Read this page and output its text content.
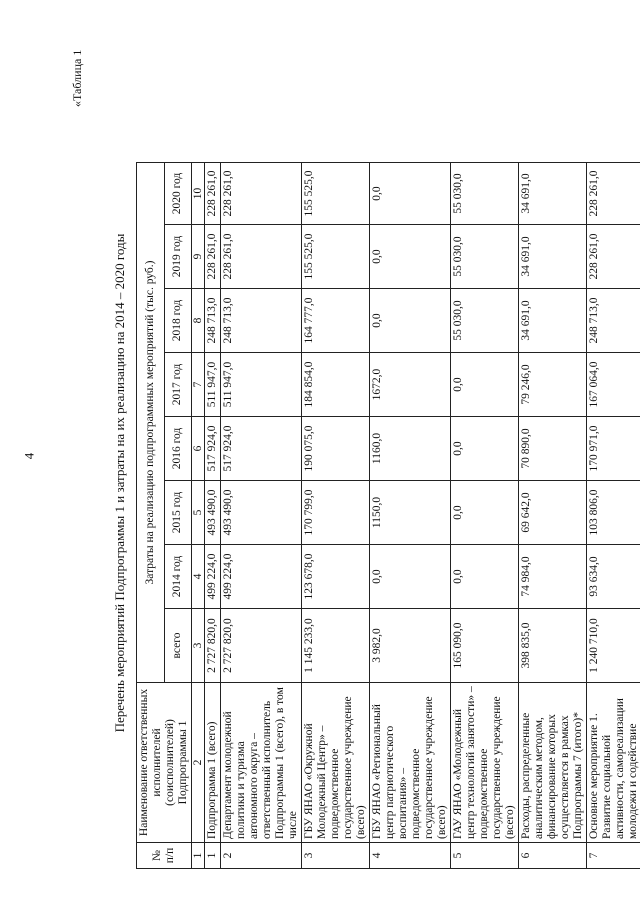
4
«Таблица 1
Перечень мероприятий Подпрограммы 1 и затраты на их реализацию на 2014 – 2020 годы
№ п/п	Наименование ответственных исполнителей (соисполнителей) Подпрограммы 1	Затраты на реализацию подпрограммных мероприятий (тыс. руб.)							
		всего	2014 год	2015 год	2016 год	2017 год	2018 год	2019 год	2020 год
1	2	3	4	5	6	7	8	9	10
1	Подпрограмма 1 (всего)	2 727 820,0	499 224,0	493 490,0	517 924,0	511 947,0	248 713,0	228 261,0	228 261,0
2	Департамент молодежной политики и туризма автономного округа – ответственный исполнитель Подпрограммы 1 (всего), в том числе	2 727 820,0	499 224,0	493 490,0	517 924,0	511 947,0	248 713,0	228 261,0	228 261,0
3	ГБУ ЯНАО «Окружной Молодежный Центр» – подведомственное государственное учреждение (всего)	1 145 233,0	123 678,0	170 799,0	190 075,0	184 854,0	164 777,0	155 525,0	155 525,0
4	ГБУ ЯНАО «Региональный центр патриотического воспитания» – подведомственное государственное учреждение (всего)	3 982,0	0,0	1150,0	1160,0	1672,0	0,0	0,0	0,0
5	ГАУ ЯНАО «Молодежный центр технологий занятости» – подведомственное государственное учреждение (всего)	165 090,0	0,0	0,0	0,0	0,0	55 030,0	55 030,0	55 030,0
6	Расходы, распределенные аналитическим методом, финансирование которых осуществляется в рамках Подпрограммы 7 (итого)*	398 835,0	74 984,0	69 642,0	70 890,0	79 246,0	34 691,0	34 691,0	34 691,0
7	Основное мероприятие 1. Развитие социальной активности, самореализации молодежи и содействие	1 240 710,0	93 634,0	103 806,0	170 971,0	167 064,0	248 713,0	228 261,0	228 261,0
